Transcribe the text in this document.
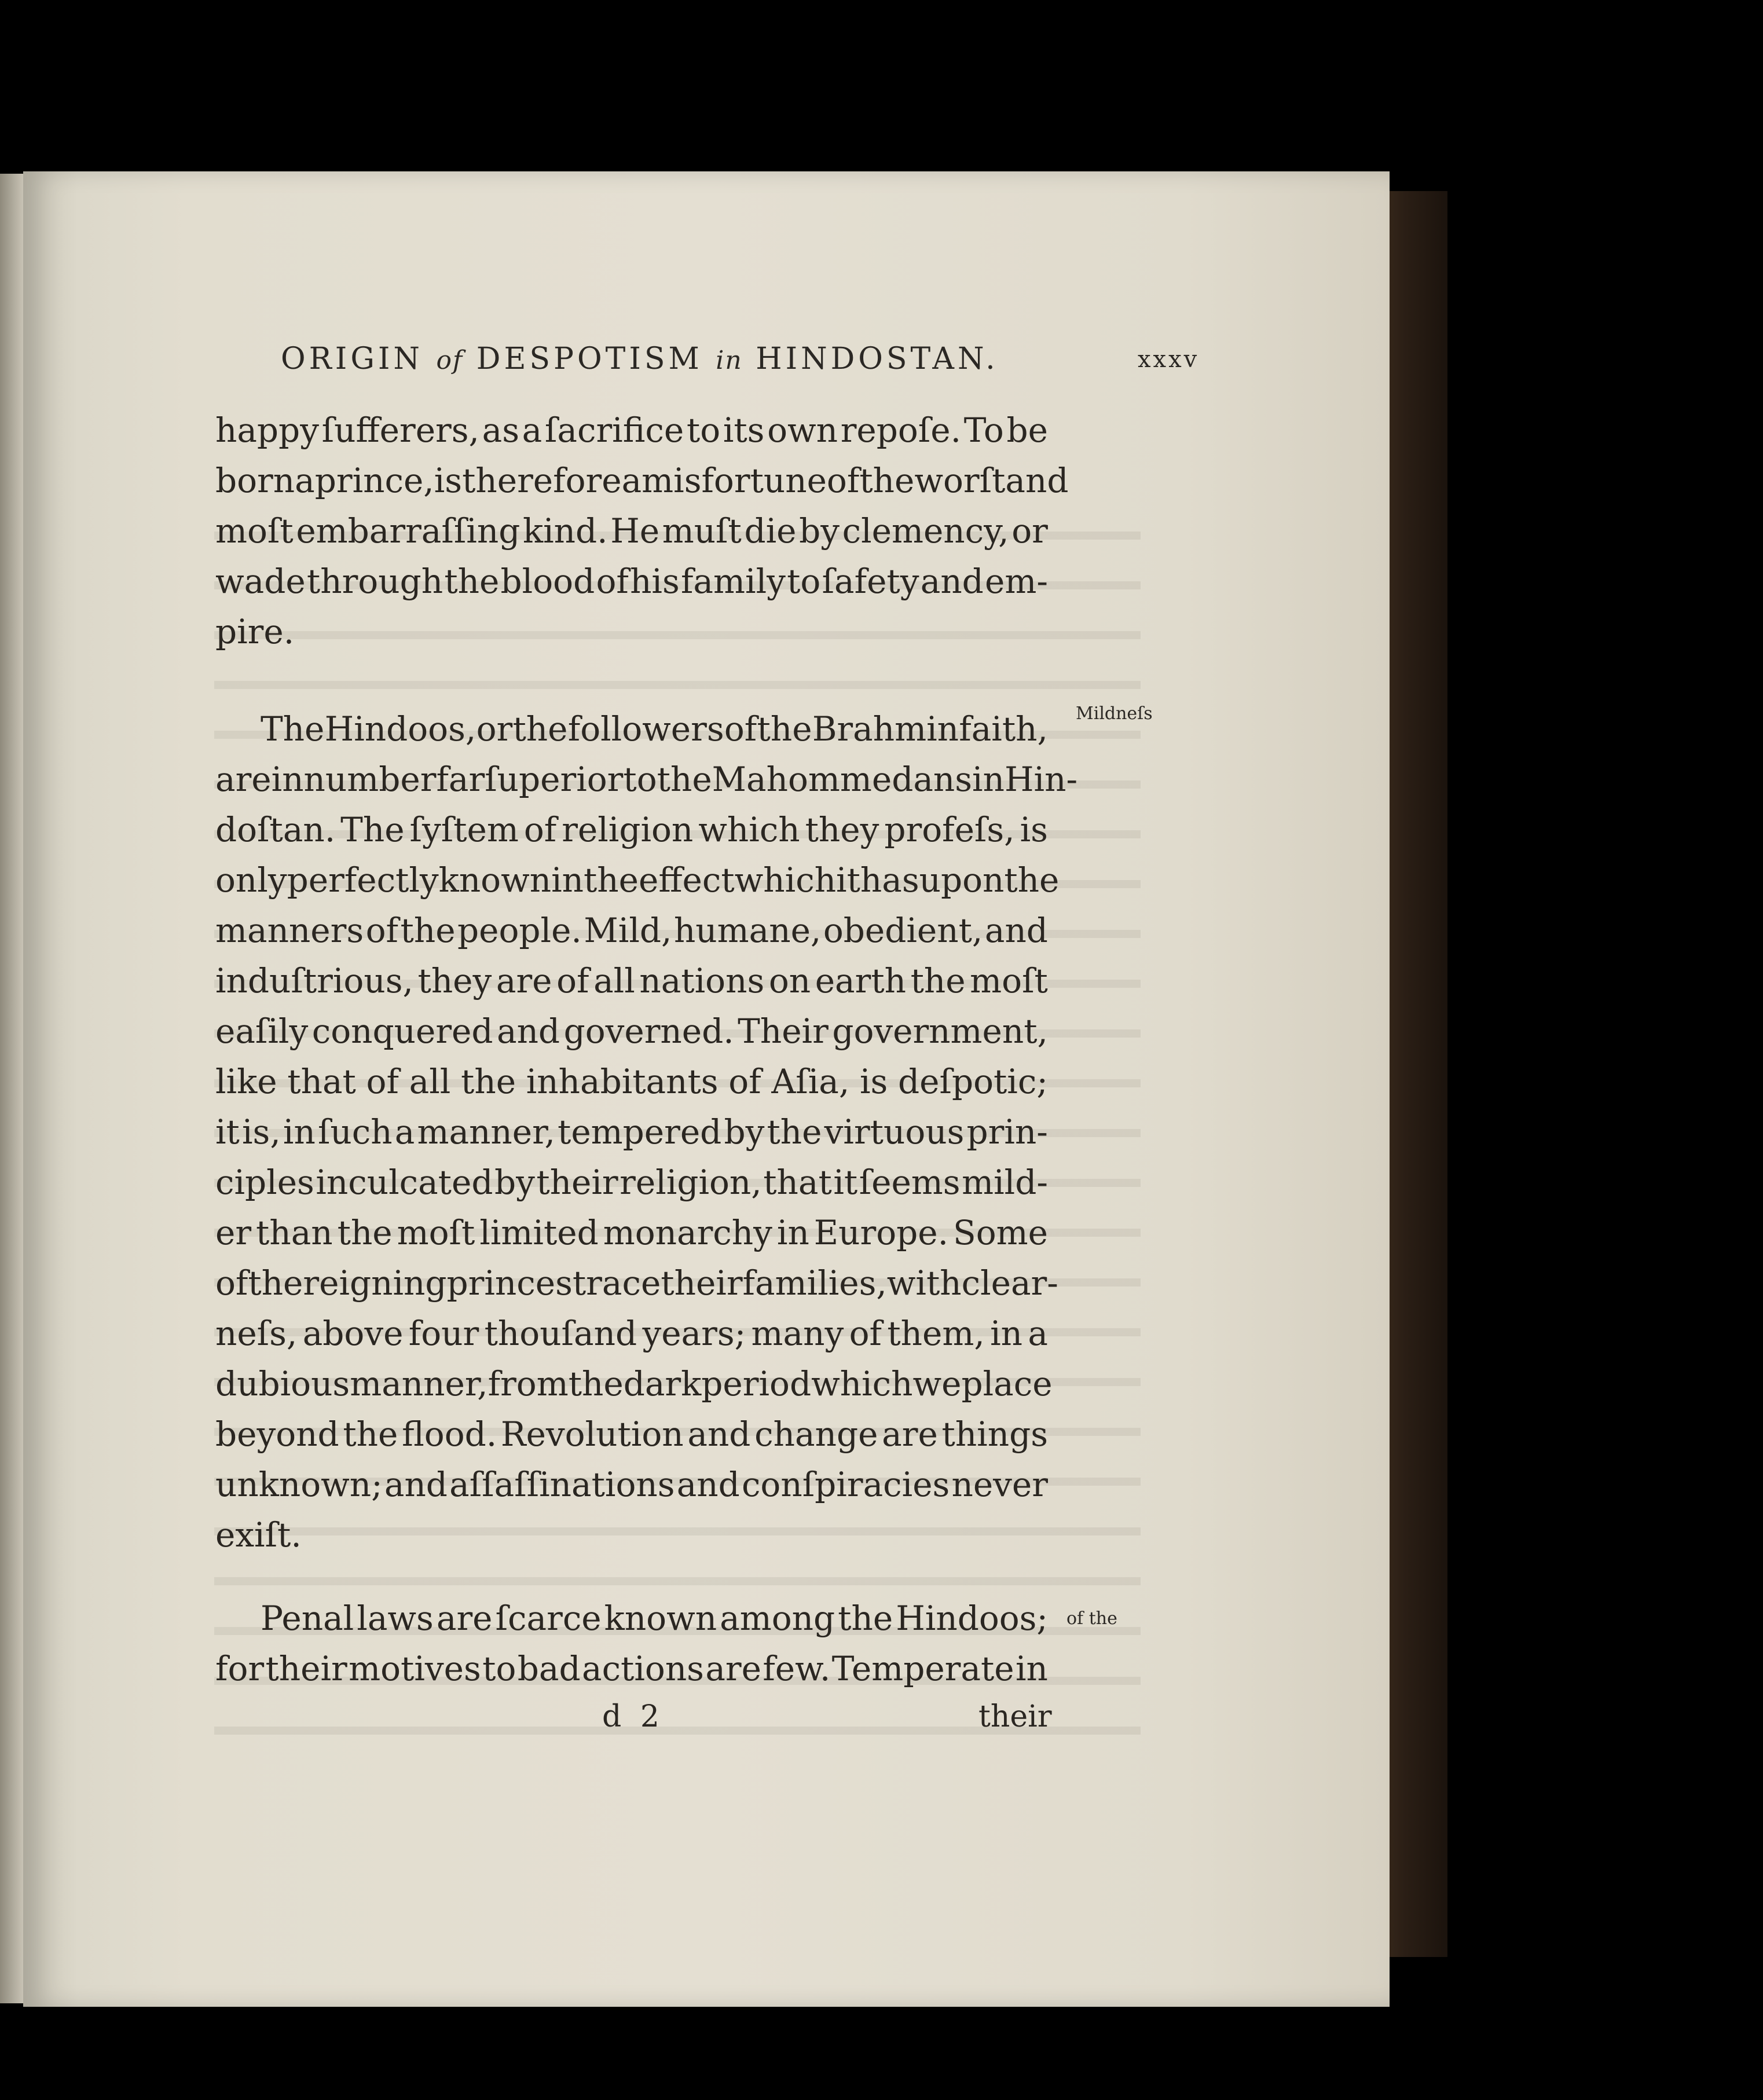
ORIGIN of DESPOTISM in HINDOSTAN.	xxxv
happy ſufferers, as a ſacrifice to its own repoſe. To be
born a prince, is therefore a misfortune of the worſt and
moſt embarraſſing kind. He muſt die by clemency, or
wade through the blood of his family to ſafety and em-
pire.
The Hindoos, or the followers of the Brahmin faith,
are in number far ſuperior to the Mahommedans in Hin-
doſtan. The ſyſtem of religion which they profeſs, is
only perfectly known in the effect which it has upon the
manners of the people. Mild, humane, obedient, and
induſtrious, they are of all nations on earth the moſt
eaſily conquered and governed. Their government,
like that of all the inhabitants of Aſia, is deſpotic;
it is, in ſuch a manner, tempered by the virtuous prin-
ciples inculcated by their religion, that it ſeems mild-
er than the moſt limited monarchy in Europe. Some
of the reigning princes trace their families, with clear-
neſs, above four thouſand years; many of them, in a
dubious manner, from the dark period which we place
beyond the flood. Revolution and change are things
unknown; and aſſaſſinations and conſpiracies never
exiſt.
Penal laws are ſcarce known among the Hindoos;
for their motives to bad actions are few. Temperate in
Mildneſs
of the
d 2	their
